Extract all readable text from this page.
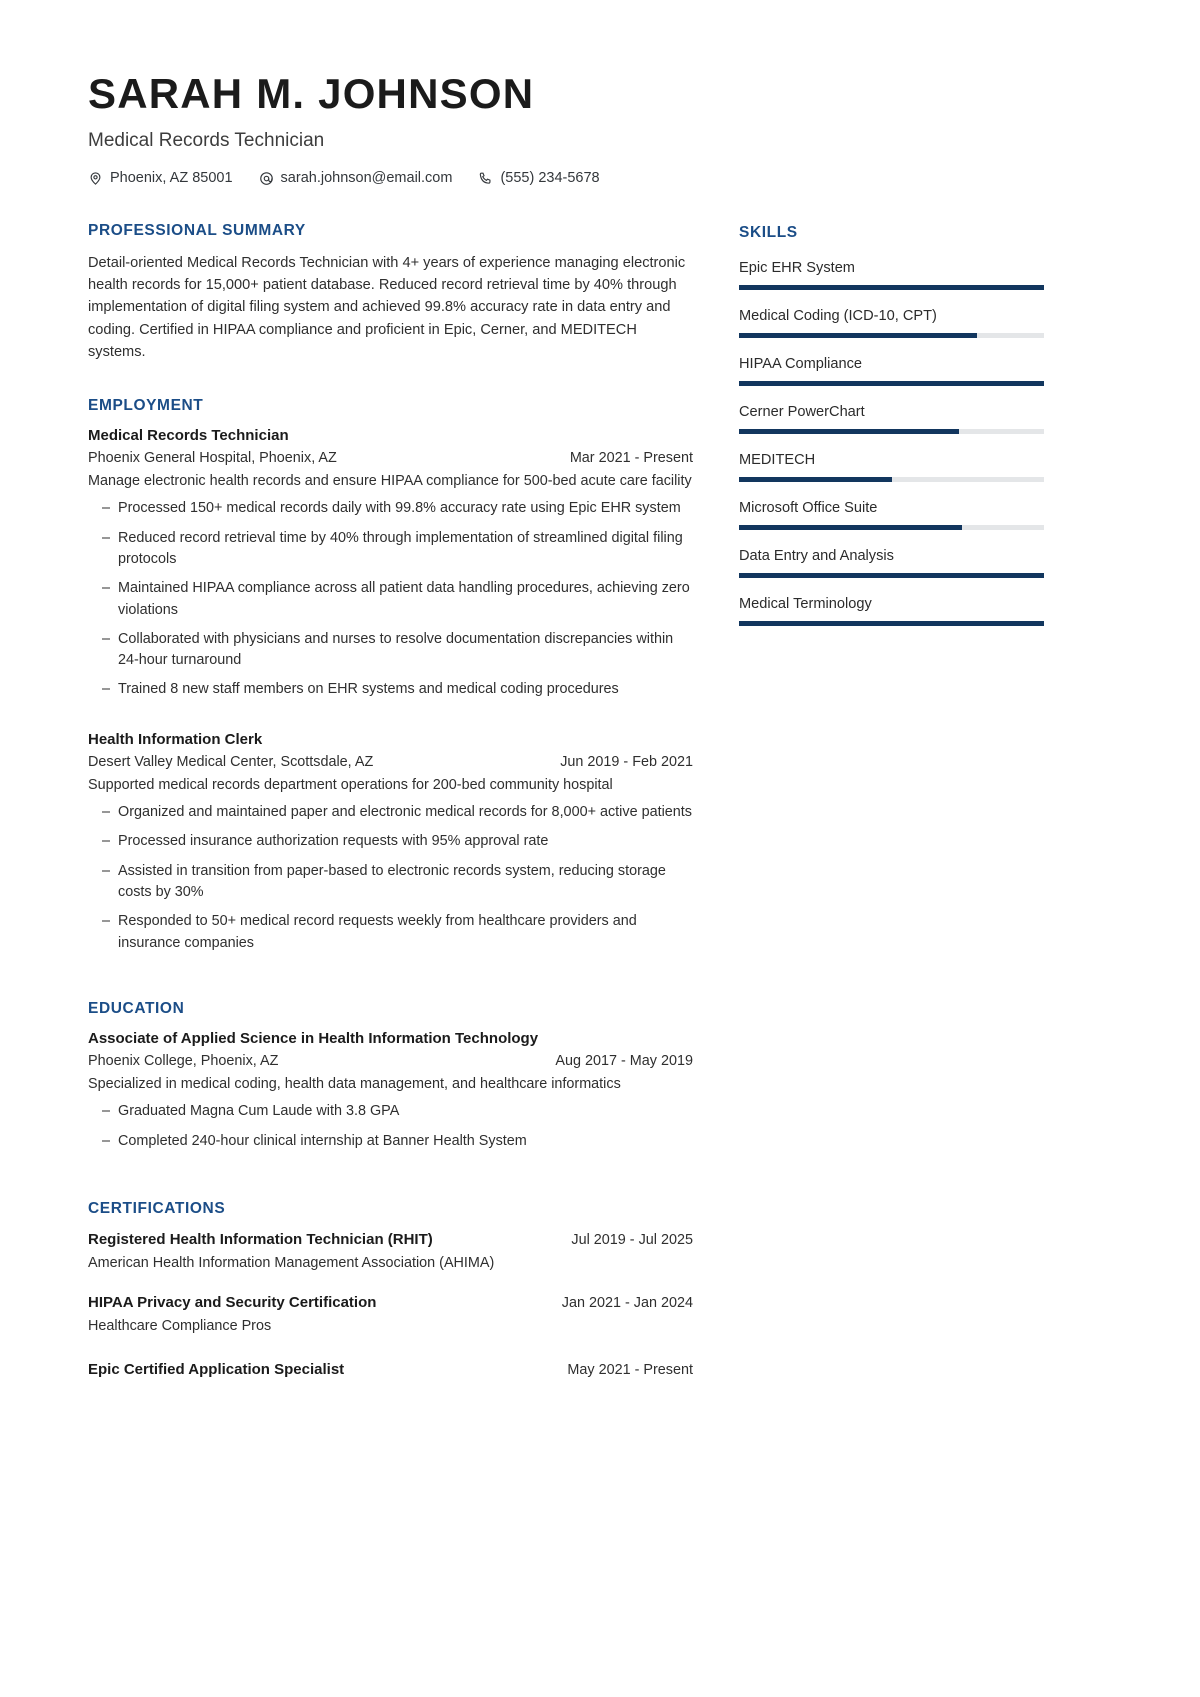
SARAH M. JOHNSON
Medical Records Technician
Phoenix, AZ 85001	sarah.johnson@email.com	(555) 234-5678
PROFESSIONAL SUMMARY

Detail-oriented Medical Records Technician with 4+ years of experience managing electronic health records for 15,000+ patient database. Reduced record retrieval time by 40% through implementation of digital filing system and achieved 99.8% accuracy rate in data entry and coding. Certified in HIPAA compliance and proficient in Epic, Cerner, and MEDITECH systems.

EMPLOYMENT
Medical Records Technician
Phoenix General Hospital, Phoenix, AZ	Mar 2021 - Present
Manage electronic health records and ensure HIPAA compliance for 500-bed acute care facility
– Processed 150+ medical records daily with 99.8% accuracy rate using Epic EHR system
– Reduced record retrieval time by 40% through implementation of streamlined digital filing protocols
– Maintained HIPAA compliance across all patient data handling procedures, achieving zero violations
– Collaborated with physicians and nurses to resolve documentation discrepancies within 24-hour turnaround
– Trained 8 new staff members on EHR systems and medical coding procedures
Health Information Clerk
Desert Valley Medical Center, Scottsdale, AZ	Jun 2019 - Feb 2021
Supported medical records department operations for 200-bed community hospital
– Organized and maintained paper and electronic medical records for 8,000+ active patients
– Processed insurance authorization requests with 95% approval rate
– Assisted in transition from paper-based to electronic records system, reducing storage costs by 30%
– Responded to 50+ medical record requests weekly from healthcare providers and insurance companies
EDUCATION
Associate of Applied Science in Health Information Technology
Phoenix College, Phoenix, AZ	Aug 2017 - May 2019
Specialized in medical coding, health data management, and healthcare informatics
– Graduated Magna Cum Laude with 3.8 GPA
– Completed 240-hour clinical internship at Banner Health System
CERTIFICATIONS
Registered Health Information Technician (RHIT)	Jul 2019 - Jul 2025
American Health Information Management Association (AHIMA)
HIPAA Privacy and Security Certification	Jan 2021 - Jan 2024
Healthcare Compliance Pros
Epic Certified Application Specialist	May 2021 - Present
SKILLS
Epic EHR System
Medical Coding (ICD-10, CPT)
HIPAA Compliance
Cerner PowerChart
MEDITECH
Microsoft Office Suite
Data Entry and Analysis
Medical Terminology
